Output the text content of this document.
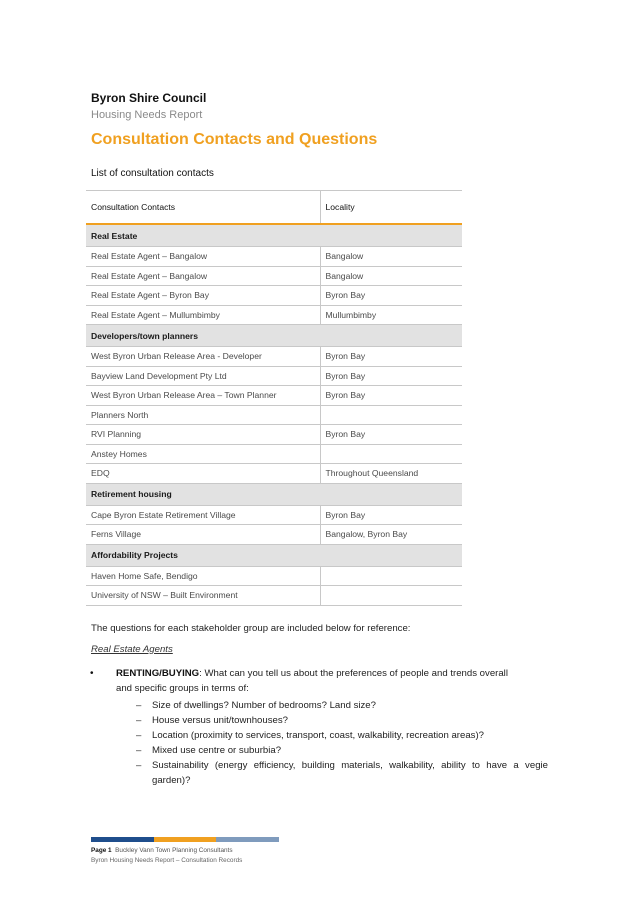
Byron Shire Council
Housing Needs Report
Consultation Contacts and Questions
List of consultation contacts
Consultation Contacts	Locality
Real Estate	
Real Estate Agent – Bangalow	Bangalow
Real Estate Agent – Bangalow	Bangalow
Real Estate Agent – Byron Bay	Byron Bay
Real Estate Agent – Mullumbimby	Mullumbimby
Developers/town planners	
West Byron Urban Release Area - Developer	Byron Bay
Bayview Land Development Pty Ltd	Byron Bay
West Byron Urban Release Area – Town Planner	Byron Bay
Planners North	
RVI Planning	Byron Bay
Anstey Homes	
EDQ	Throughout Queensland
Retirement housing	
Cape Byron Estate Retirement Village	Byron Bay
Ferns Village	Bangalow, Byron Bay
Affordability Projects	
Haven Home Safe, Bendigo	
University of NSW – Built Environment	
The questions for each stakeholder group are included below for reference:
Real Estate Agents
• RENTING/BUYING: What can you tell us about the preferences of people and trends overall and specific groups in terms of:
– Size of dwellings? Number of bedrooms? Land size?
– House versus unit/townhouses?
– Location (proximity to services, transport, coast, walkability, recreation areas)?
– Mixed use centre or suburbia?
– Sustainability (energy efficiency, building materials, walkability, ability to have a vegie garden)?
Page 1 Buckley Vann Town Planning Consultants
Byron Housing Needs Report – Consultation Records
